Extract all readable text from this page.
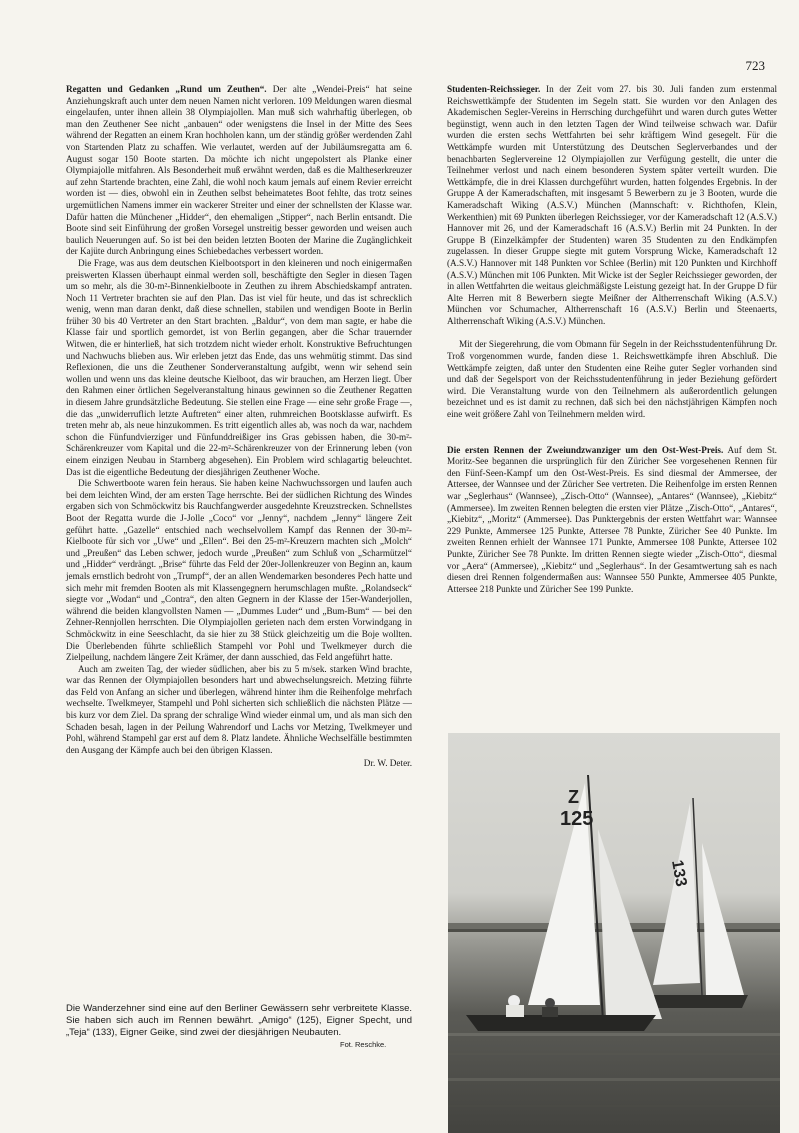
723

Regatten und Gedanken „Rund um Zeuthen“. Der alte „Wendei-Preis“ hat seine Anziehungskraft auch unter dem neuen Namen nicht verloren. 109 Meldungen waren diesmal eingelaufen, unter ihnen allein 38 Olympiajollen. Man muß sich wahrhaftig überlegen, ob man den Zeuthener See nicht „anbauen“ oder wenigstens die Insel in der Mitte des Sees während der Regatten an einem Kran hochholen kann, um der ständig größer werdenden Zahl von Startenden Platz zu schaffen. Wie verlautet, werden auf der Jubiläumsregatta am 6. August sogar 150 Boote starten. Da möchte ich nicht ungepolstert als Planke einer Olympiajolle mitfahren. Als Besonderheit muß erwähnt werden, daß es die Maltheserkreuzer auf zehn Startende brachten, eine Zahl, die wohl noch kaum jemals auf einem Revier erreicht worden ist — dies, obwohl ein in Zeuthen selbst beheimatetes Boot fehlte, das trotz seines urgemütlichen Namens immer ein wackerer Streiter und einer der schnellsten der Klasse war. Dafür hatten die Münchener „Hidder“, den ehemaligen „Stipper“, nach Berlin entsandt. Die Boote sind seit Einführung der großen Vorsegel unstreitig besser geworden und weisen auch baulich Neuerungen auf. So ist bei den beiden letzten Booten der Marine die Zugänglichkeit der Kajüte durch Anbringung eines Schiebedaches verbessert worden.

Die Frage, was aus dem deutschen Kielbootsport in den kleineren und noch einigermaßen preiswerten Klassen überhaupt einmal werden soll, beschäftigte den Segler in diesen Tagen um so mehr, als die 30-m²-Binnenkielboote in Zeuthen zu ihrem Abschiedskampf antraten. Noch 11 Vertreter brachten sie auf den Plan. Das ist viel für heute, und das ist schrecklich wenig, wenn man daran denkt, daß diese schnellen, stabilen und wendigen Boote in Berlin früher 30 bis 40 Vertreter an den Start brachten. „Baldur“, von dem man sagte, er habe die Klasse fair und sportlich gemordet, ist von Berlin gegangen, aber die Schar trauernder Witwen, die er hinterließ, hat sich trotzdem nicht wieder erholt. Konstruktive Befruchtungen und Nachwuchs blieben aus. Wir erleben jetzt das Ende, das uns wehmütig stimmt. Das sind Reflexionen, die uns die Zeuthener Sonderveranstaltung aufgibt, wenn wir sehend sein wollen und wenn uns das kleine deutsche Kielboot, das wir brauchen, am Herzen liegt. Über den Rahmen einer örtlichen Segelveranstaltung hinaus gewinnen so die Zeuthener Regatten in diesem Jahre grundsätzliche Bedeutung. Sie stellen eine Frage — eine sehr große Frage —, die das „unwiderruflich letzte Auftreten“ einer alten, ruhmreichen Bootsklasse aufwirft. Es treten mehr ab, als neue hinzukommen. Es tritt eigentlich alles ab, was noch da war, nachdem schon die Fünfundvierziger und Fünfunddreißiger ins Gras gebissen haben, die 30-m²-Schärenkreuzer vom Kapital und die 22-m²-Schärenkreuzer von der Erinnerung leben (von einem einzigen Neubau in Starnberg abgesehen). Ein Problem wird schlagartig beleuchtet. Das ist die eigentliche Bedeutung der diesjährigen Zeuthener Woche.

Die Schwertboote waren fein heraus. Sie haben keine Nachwuchssorgen und laufen auch bei dem leichten Wind, der am ersten Tage herrschte. Bei der südlichen Richtung des Windes ergaben sich von Schmöckwitz bis Rauchfangwerder ausgedehnte Kreuzstrecken. Schnellstes Boot der Regatta wurde die J-Jolle „Coco“ vor „Jenny“, nachdem „Jenny“ längere Zeit geführt hatte. „Gazelle“ entschied nach wechselvollem Kampf das Rennen der 30-m²-Kielboote für sich vor „Uwe“ und „Ellen“. Bei den 25-m²-Kreuzern machten sich „Molch“ und „Preußen“ das Leben schwer, jedoch wurde „Preußen“ zum Schluß von „Scharmützel“ und „Hidder“ verdrängt. „Brise“ führte das Feld der 20er-Jollenkreuzer von Beginn an, kaum jemals ernstlich bedroht von „Trumpf“, der an allen Wendemarken besonderes Pech hatte und sich mehr mit fremden Booten als mit Klassengegnern herumschlagen mußte. „Rolandseck“ siegte vor „Wodan“ und „Contra“, den alten Gegnern in der Klasse der 15er-Wanderjollen, während die beiden klangvollsten Namen — „Dummes Luder“ und „Bum-Bum“ — bei den Zehner-Rennjollen herrschten. Die Olympiajollen gerieten nach dem ersten Vorwindgang in Schmöckwitz in eine Seeschlacht, da sie hier zu 38 Stück gleichzeitig um die Boje wollten. Die Überlebenden führte schließlich Stampehl vor Pohl und Twelkmeyer durch die Zielpeilung, nachdem längere Zeit Krämer, der dann ausschied, das Feld angeführt hatte.

Auch am zweiten Tag, der wieder südlichen, aber bis zu 5 m/sek. starken Wind brachte, war das Rennen der Olympiajollen besonders hart und abwechselungsreich. Metzing führte das Feld von Anfang an sicher und überlegen, während hinter ihm die Reihenfolge mehrfach wechselte. Twelkmeyer, Stampehl und Pohl sicherten sich schließlich die nächsten Plätze — bis kurz vor dem Ziel. Da sprang der schralige Wind wieder einmal um, und als man sich den Schaden besah, lagen in der Peilung Wahrendorf und Lachs vor Metzing, Twelkmeyer und Pohl, während Stampehl gar erst auf dem 8. Platz landete. Ähnliche Wechselfälle bestimmten den Ausgang der Kämpfe auch bei den übrigen Klassen.

Dr. W. Deter.
Die Wanderzehner sind eine auf den Berliner Gewässern sehr verbreitete Klasse. Sie haben sich auch im Rennen bewährt. „Amigo“ (125), Eigner Specht, und „Teja“ (133), Eigner Geike, sind zwei der diesjährigen Neubauten.
Fot. Reschke.

Studenten-Reichssieger. In der Zeit vom 27. bis 30. Juli fanden zum erstenmal Reichswettkämpfe der Studenten im Segeln statt. Sie wurden vor den Anlagen des Akademischen Segler-Vereins in Herrsching durchgeführt und waren durch gutes Wetter begünstigt, wenn auch in den letzten Tagen der Wind teilweise schwach war. Dafür wurden die ersten sechs Wettfahrten bei sehr kräftigem Wind gesegelt. Für die Wettkämpfe wurden mit Unterstützung des Deutschen Seglerverbandes und der benachbarten Seglervereine 12 Olympiajollen zur Verfügung gestellt, die unter die Teilnehmer verlost und nach einem besonderen System später verteilt wurden. Die Wettkämpfe, die in drei Klassen durchgeführt wurden, hatten folgendes Ergebnis. In der Gruppe A der Kameradschaften, mit insgesamt 5 Bewerbern zu je 3 Booten, wurde die Kameradschaft Wiking (A.S.V.) München (Mannschaft: v. Richthofen, Klein, Werkenthien) mit 69 Punkten überlegen Reichssieger, vor der Kameradschaft 12 (A.S.V.) Hannover mit 26, und der Kameradschaft 16 (A.S.V.) Berlin mit 24 Punkten. In der Gruppe B (Einzelkämpfer der Studenten) waren 35 Studenten zu den Endkämpfen zugelassen. In dieser Gruppe siegte mit gutem Vorsprung Wicke, Kameradschaft 12 (A.S.V.) Hannover mit 148 Punkten vor Schlee (Berlin) mit 120 Punkten und Kirchhoff (A.S.V.) München mit 106 Punkten. Mit Wicke ist der Segler Reichssieger geworden, der in allen Wettfahrten die weitaus gleichmäßigste Leistung gezeigt hat. In der Gruppe D für Alte Herren mit 8 Bewerbern siegte Meißner der Altherrenschaft Wiking (A.S.V.) München vor Schumacher, Altherrenschaft 16 (A.S.V.) Berlin und Steenaerts, Altherrenschaft Wiking (A.S.V.) München.

Mit der Siegerehrung, die vom Obmann für Segeln in der Reichsstudentenführung Dr. Troß vorgenommen wurde, fanden diese 1. Reichswettkämpfe ihren Abschluß. Die Wettkämpfe zeigten, daß unter den Studenten eine Reihe guter Segler vorhanden sind und daß der Segelsport von der Reichsstudentenführung in jeder Beziehung gefördert wird. Die Veranstaltung wurde von den Teilnehmern als außerordentlich gelungen bezeichnet und es ist damit zu rechnen, daß sich bei den nächstjährigen Kämpfen noch eine weit größere Zahl von Teilnehmern melden wird.

Die ersten Rennen der Zweiundzwanziger um den Ost-West-Preis. Auf dem St. Moritz-See begannen die ursprünglich für den Züricher See vorgesehenen Rennen für den Fünf-Seen-Kampf um den Ost-West-Preis. Es sind diesmal der Ammersee, der Attersee, der Wannsee und der Züricher See vertreten. Die Reihenfolge im ersten Rennen war „Seglerhaus“ (Wannsee), „Zisch-Otto“ (Wannsee), „Antares“ (Wannsee), „Kiebitz“ (Ammersee). Im zweiten Rennen belegten die ersten vier Plätze „Zisch-Otto“, „Antares“, „Kiebitz“, „Moritz“ (Ammersee). Das Punktergebnis der ersten Wettfahrt war: Wannsee 229 Punkte, Ammersee 125 Punkte, Attersee 78 Punkte, Züricher See 40 Punkte. Im zweiten Rennen erhielt der Wannsee 171 Punkte, Ammersee 108 Punkte, Attersee 102 Punkte, Züricher See 78 Punkte. Im dritten Rennen siegte wieder „Zisch-Otto“, diesmal vor „Aera“ (Ammersee), „Kiebitz“ und „Seglerhaus“. In der Gesamtwertung sah es nach diesen drei Rennen folgendermaßen aus: Wannsee 550 Punkte, Ammersee 405 Punkte, Attersee 218 Punkte und Züricher See 199 Punkte.

133
Z
125
